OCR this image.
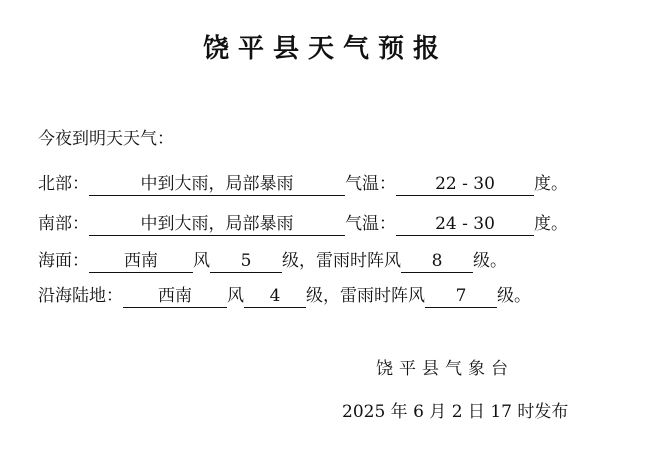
饶平县天气预报
今夜到明天天气：
北部：	中到大雨，局部暴雨	气温： 22 - 30 度。
南部：	中到大雨，局部暴雨	气温： 24 - 30 度。
海面： 西南 风 5 级，雷雨时阵风 8 级。
沿海陆地： 西南 风 4 级，雷雨时阵风 7 级。
饶平县气象台
2025 年 6 月 2 日 17 时发布
